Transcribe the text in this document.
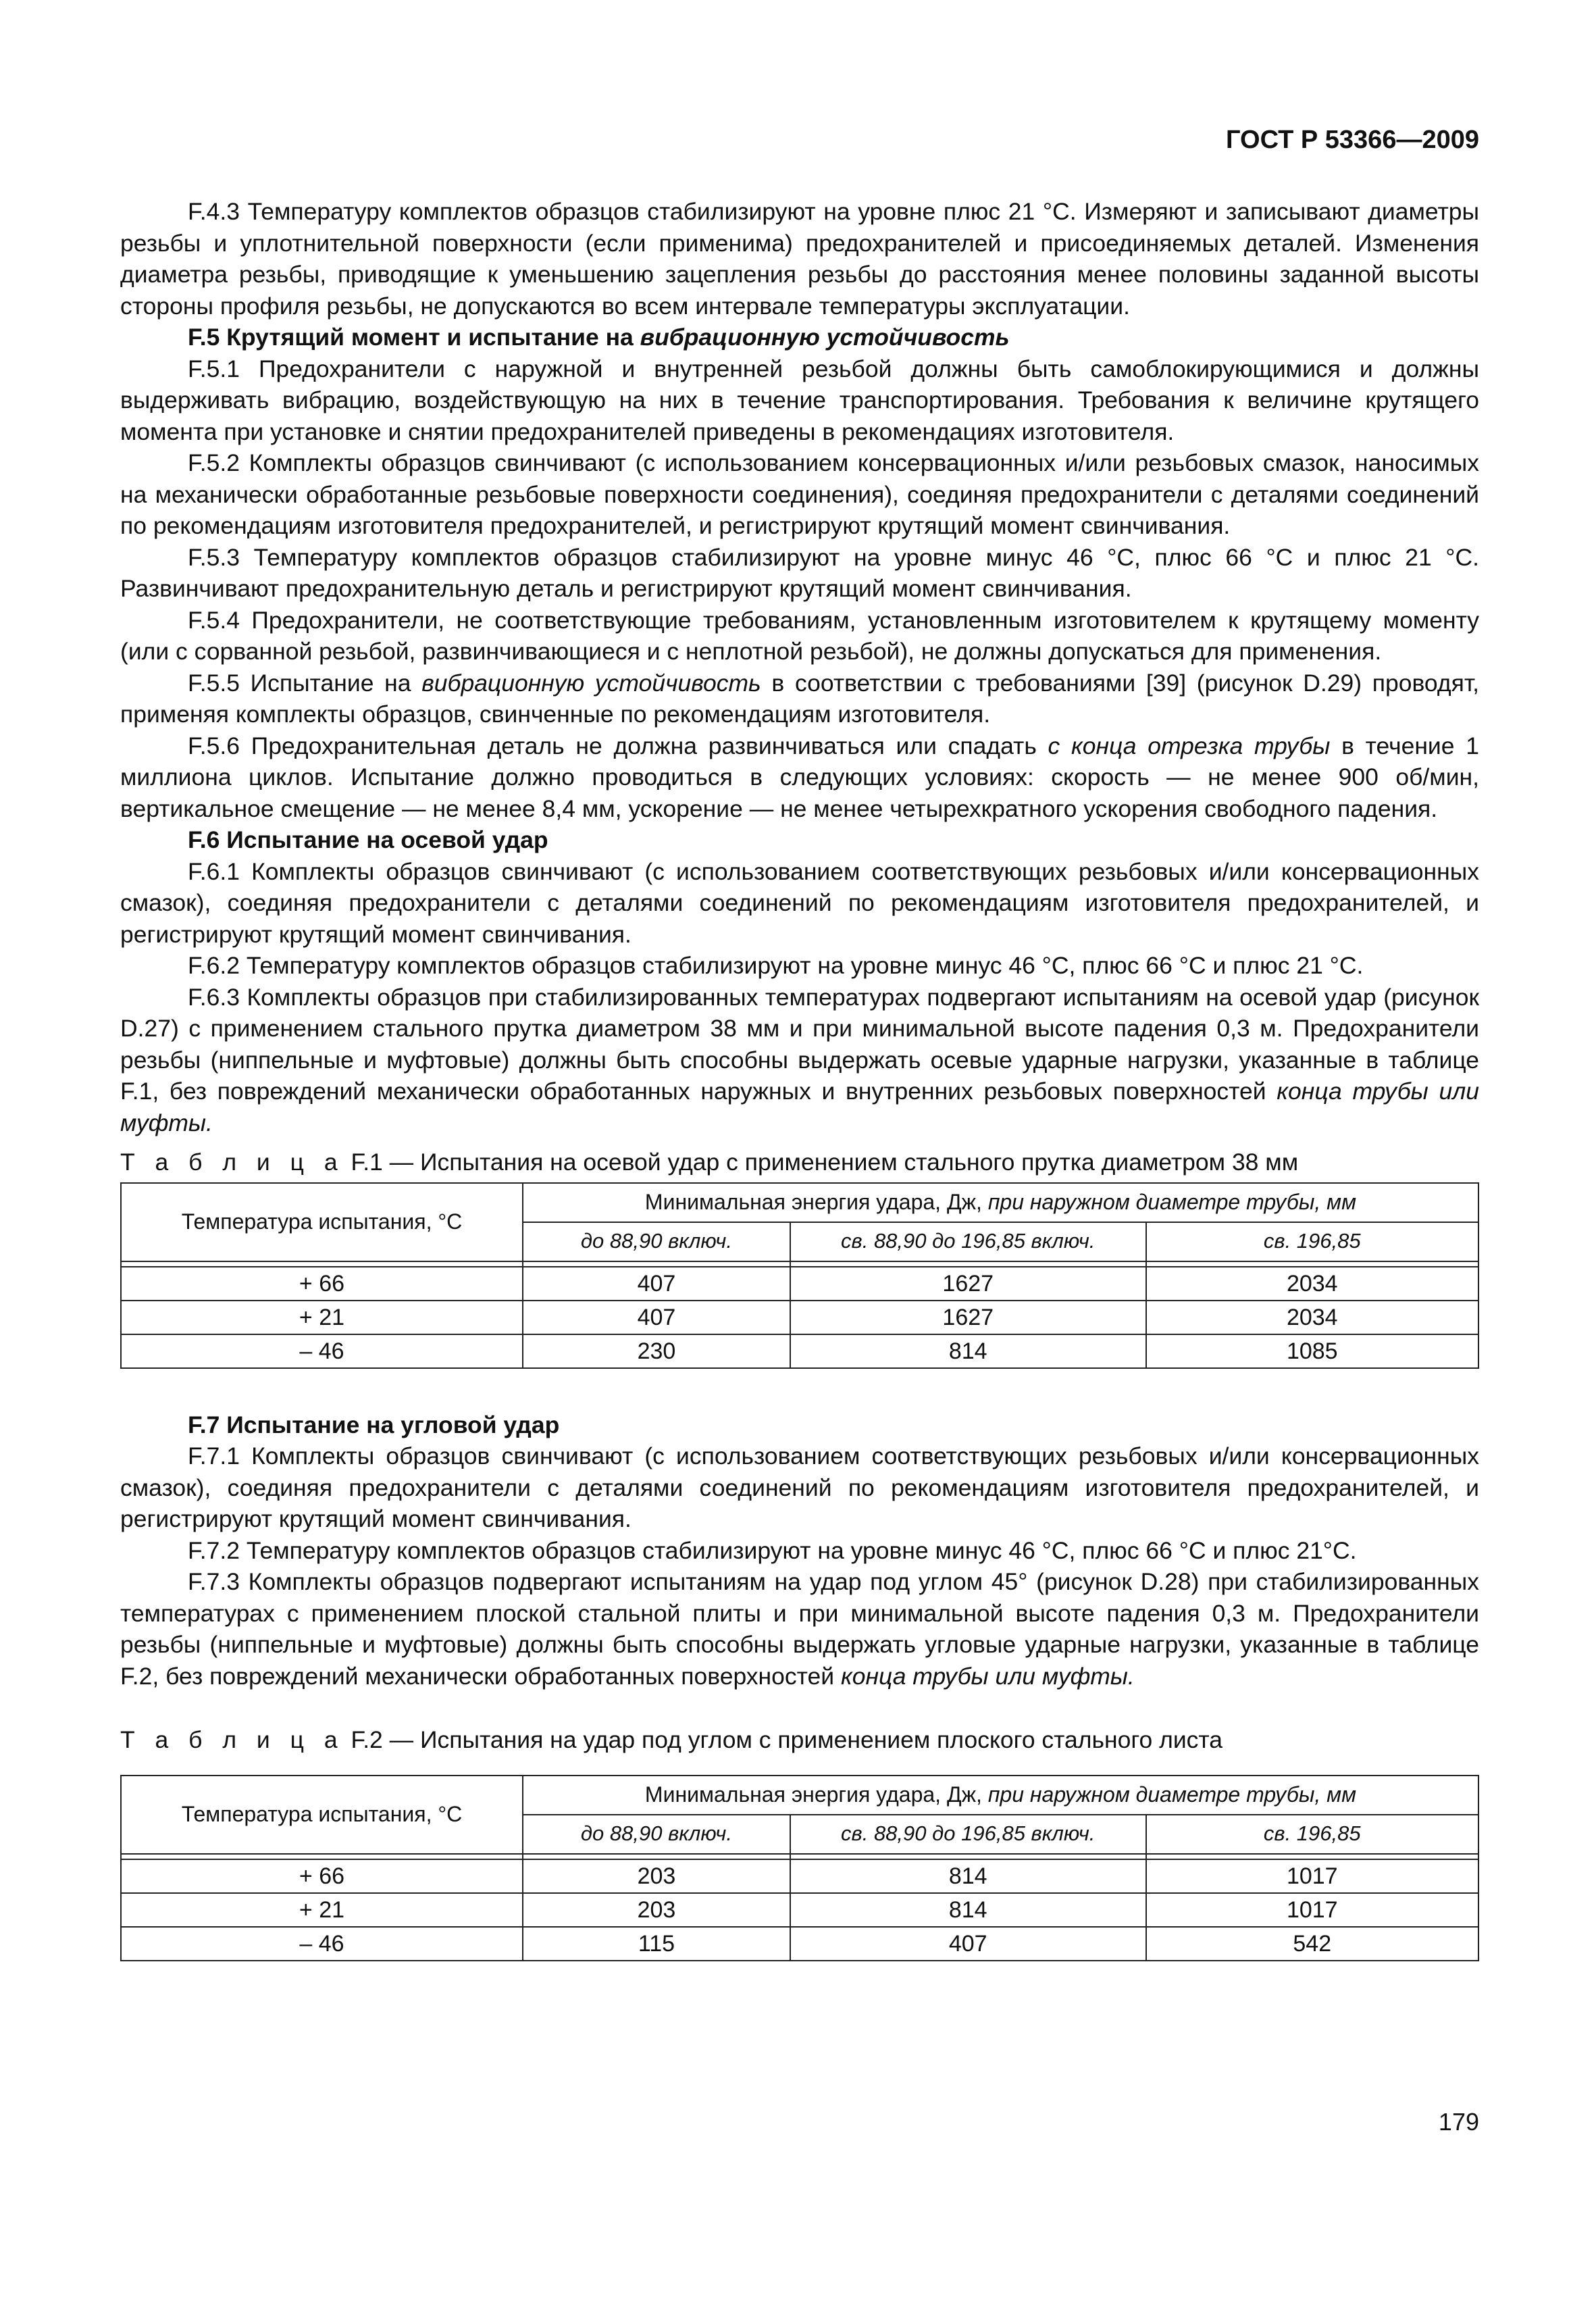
ГОСТ Р 53366—2009

F.4.3 Температуру комплектов образцов стабилизируют на уровне плюс 21 °С. Измеряют и записывают диаметры резьбы и уплотнительной поверхности (если применима) предохранителей и присоединяемых деталей. Изменения диаметра резьбы, приводящие к уменьшению зацепления резьбы до расстояния менее половины заданной высоты стороны профиля резьбы, не допускаются во всем интервале температуры эксплуатации.

F.5 Крутящий момент и испытание на вибрационную устойчивость

F.5.1 Предохранители с наружной и внутренней резьбой должны быть самоблокирующимися и должны выдерживать вибрацию, воздействующую на них в течение транспортирования. Требования к величине крутящего момента при установке и снятии предохранителей приведены в рекомендациях изготовителя.

F.5.2 Комплекты образцов свинчивают (с использованием консервационных и/или резьбовых смазок, наносимых на механически обработанные резьбовые поверхности соединения), соединяя предохранители с деталями соединений по рекомендациям изготовителя предохранителей, и регистрируют крутящий момент свинчивания.

F.5.3 Температуру комплектов образцов стабилизируют на уровне минус 46 °С, плюс 66 °С и плюс 21 °С. Развинчивают предохранительную деталь и регистрируют крутящий момент свинчивания.

F.5.4 Предохранители, не соответствующие требованиям, установленным изготовителем к крутящему моменту (или с сорванной резьбой, развинчивающиеся и с неплотной резьбой), не должны допускаться для применения.

F.5.5 Испытание на вибрационную устойчивость в соответствии с требованиями [39] (рисунок D.29) проводят, применяя комплекты образцов, свинченные по рекомендациям изготовителя.

F.5.6 Предохранительная деталь не должна развинчиваться или спадать с конца отрезка трубы в течение 1 миллиона циклов. Испытание должно проводиться в следующих условиях: скорость — не менее 900 об/мин, вертикальное смещение — не менее 8,4 мм, ускорение — не менее четырехкратного ускорения свободного падения.

F.6 Испытание на осевой удар

F.6.1 Комплекты образцов свинчивают (с использованием соответствующих резьбовых и/или консервационных смазок), соединяя предохранители с деталями соединений по рекомендациям изготовителя предохранителей, и регистрируют крутящий момент свинчивания.

F.6.2 Температуру комплектов образцов стабилизируют на уровне минус 46 °С, плюс 66 °С и плюс 21 °С.

F.6.3 Комплекты образцов при стабилизированных температурах подвергают испытаниям на осевой удар (рисунок D.27) с применением стального прутка диаметром 38 мм и при минимальной высоте падения 0,3 м. Предохранители резьбы (ниппельные и муфтовые) должны быть способны выдержать осевые ударные нагрузки, указанные в таблице F.1, без повреждений механически обработанных наружных и внутренних резьбовых поверхностей конца трубы или муфты.

Т а б л и ц а F.1 — Испытания на осевой удар с применением стального прутка диаметром 38 мм
Температура испытания, °С	Минимальная энергия удара, Дж, при наружном диаметре трубы, мм		
	до 88,90 включ.	св. 88,90 до 196,85 включ.	св. 196,85

+ 66	407	1627	2034
+ 21	407	1627	2034
– 46	230	814	1085

F.7 Испытание на угловой удар

F.7.1 Комплекты образцов свинчивают (с использованием соответствующих резьбовых и/или консервационных смазок), соединяя предохранители с деталями соединений по рекомендациям изготовителя предохранителей, и регистрируют крутящий момент свинчивания.

F.7.2 Температуру комплектов образцов стабилизируют на уровне минус 46 °С, плюс 66 °С и плюс 21°С.

F.7.3 Комплекты образцов подвергают испытаниям на удар под углом 45° (рисунок D.28) при стабилизированных температурах с применением плоской стальной плиты и при минимальной высоте падения 0,3 м. Предохранители резьбы (ниппельные и муфтовые) должны быть способны выдержать угловые ударные нагрузки, указанные в таблице F.2, без повреждений механически обработанных поверхностей конца трубы или муфты.

Т а б л и ц а F.2 — Испытания на удар под углом с применением плоского стального листа
Температура испытания, °С	Минимальная энергия удара, Дж, при наружном диаметре трубы, мм		
	до 88,90 включ.	св. 88,90 до 196,85 включ.	св. 196,85

+ 66	203	814	1017
+ 21	203	814	1017
– 46	115	407	542
179
